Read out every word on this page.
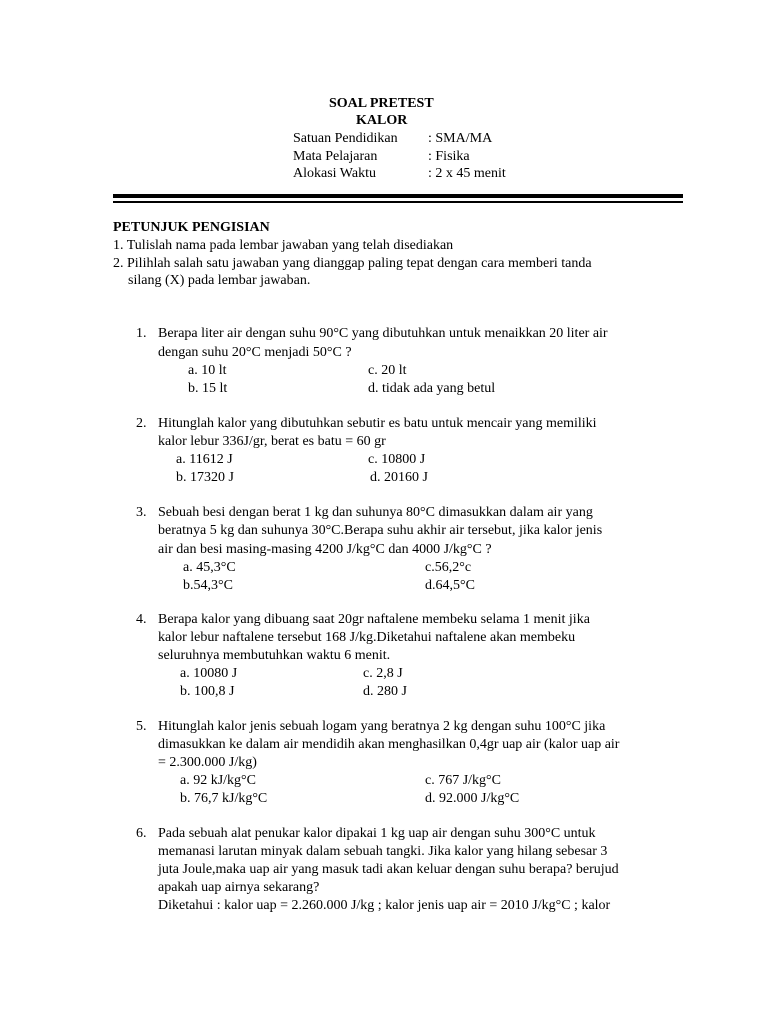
SOAL PRETEST
KALOR
Satuan Pendidikan : SMA/MA
Mata Pelajaran	: Fisika
Alokasi Waktu	: 2 x 45 menit
PETUNJUK PENGISIAN
1. Tulislah nama pada lembar jawaban yang telah disediakan
2. Pilihlah salah satu jawaban yang dianggap paling tepat dengan cara memberi tanda
silang (X) pada lembar jawaban.
1. Berapa liter air dengan suhu 90°C yang dibutuhkan untuk menaikkan 20 liter air
dengan suhu 20°C menjadi 50°C ?
a. 10 lt	c. 20 lt
b. 15 lt	d. tidak ada yang betul
2. Hitunglah kalor yang dibutuhkan sebutir es batu untuk mencair yang memiliki
kalor lebur 336J/gr, berat es batu = 60 gr
a. 11612 J	c. 10800 J
b. 17320 J	d. 20160 J
3. Sebuah besi dengan berat 1 kg dan suhunya 80°C dimasukkan dalam air yang
beratnya 5 kg dan suhunya 30°C.Berapa suhu akhir air tersebut, jika kalor jenis
air dan besi masing-masing 4200 J/kg°C dan 4000 J/kg°C ?
a. 45,3°C	c.56,2°c
b.54,3°C	d.64,5°C
4. Berapa kalor yang dibuang saat 20gr naftalene membeku selama 1 menit jika
kalor lebur naftalene tersebut 168 J/kg.Diketahui naftalene akan membeku
seluruhnya membutuhkan waktu 6 menit.
a. 10080 J	c. 2,8 J
b. 100,8 J	d. 280 J
5. Hitunglah kalor jenis sebuah logam yang beratnya 2 kg dengan suhu 100°C jika
dimasukkan ke dalam air mendidih akan menghasilkan 0,4gr uap air (kalor uap air
= 2.300.000 J/kg)
a. 92 kJ/kg°C	c. 767 J/kg°C
b. 76,7 kJ/kg°C	d. 92.000 J/kg°C
6. Pada sebuah alat penukar kalor dipakai 1 kg uap air dengan suhu 300°C untuk
memanasi larutan minyak dalam sebuah tangki. Jika kalor yang hilang sebesar 3
juta Joule,maka uap air yang masuk tadi akan keluar dengan suhu berapa? berujud
apakah uap airnya sekarang?
Diketahui : kalor uap = 2.260.000 J/kg ; kalor jenis uap air = 2010 J/kg°C ; kalor
